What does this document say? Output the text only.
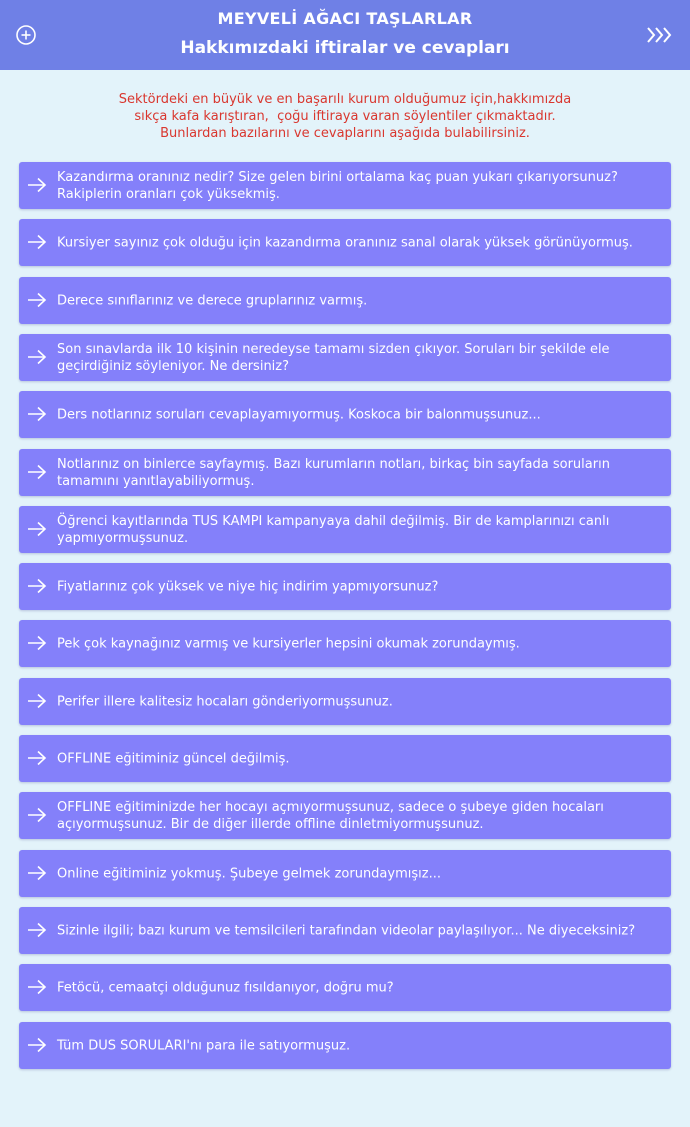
MEYVELİ AĞACI TAŞLARLAR
Hakkımızdaki iftiralar ve cevapları
Sektördeki en büyük ve en başarılı kurum olduğumuz için,hakkımızda
sıkça kafa karıştıran,  çoğu iftiraya varan söylentiler çıkmaktadır.
Bunlardan bazılarını ve cevaplarını aşağıda bulabilirsiniz.
Kazandırma oranınız nedir? Size gelen birini ortalama kaç puan yukarı çıkarıyorsunuz? Rakiplerin oranları çok yüksekmiş.
Kursiyer sayınız çok olduğu için kazandırma oranınız sanal olarak yüksek görünüyormuş.
Derece sınıflarınız ve derece gruplarınız varmış.
Son sınavlarda ilk 10 kişinin neredeyse tamamı sizden çıkıyor. Soruları bir şekilde ele geçirdiğiniz söyleniyor. Ne dersiniz?
Ders notlarınız soruları cevaplayamıyormuş. Koskoca bir balonmuşsunuz...
Notlarınız on binlerce sayfaymış. Bazı kurumların notları, birkaç bin sayfada soruların tamamını yanıtlayabiliyormuş.
Öğrenci kayıtlarında TUS KAMPI kampanyaya dahil değilmiş. Bir de kamplarınızı canlı yapmıyormuşsunuz.
Fiyatlarınız çok yüksek ve niye hiç indirim yapmıyorsunuz?
Pek çok kaynağınız varmış ve kursiyerler hepsini okumak zorundaymış.
Perifer illere kalitesiz hocaları gönderiyormuşsunuz.
OFFLINE eğitiminiz güncel değilmiş.
OFFLINE eğitiminizde her hocayı açmıyormuşsunuz, sadece o şubeye giden hocaları açıyormuşsunuz. Bir de diğer illerde offline dinletmiyormuşsunuz.
Online eğitiminiz yokmuş. Şubeye gelmek zorundaymışız...
Sizinle ilgili; bazı kurum ve temsilcileri tarafından videolar paylaşılıyor... Ne diyeceksiniz?
Fetöcü, cemaatçi olduğunuz fısıldanıyor, doğru mu?
Tüm DUS SORULARI'nı para ile satıyormuşuz.
